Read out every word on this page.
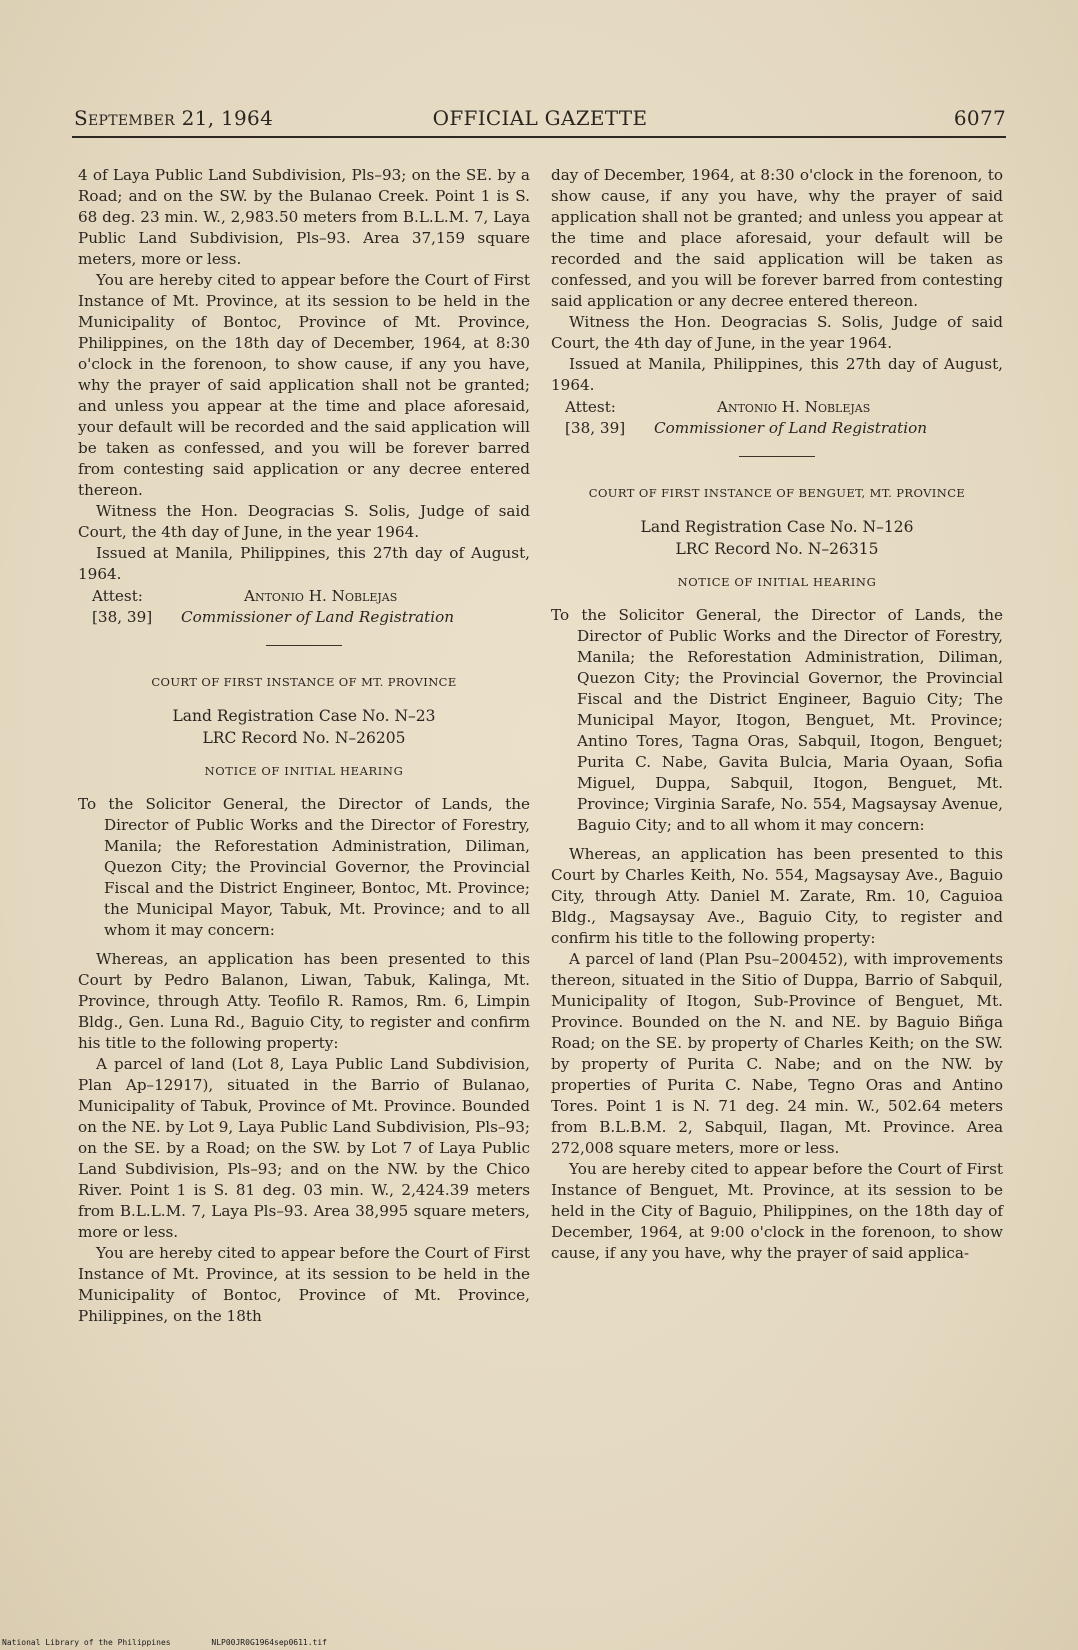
September 21, 1964	OFFICIAL GAZETTE	6077

4 of Laya Public Land Subdivision, Pls–93; on the SE. by a Road; and on the SW. by the Bulanao Creek. Point 1 is S. 68 deg. 23 min. W., 2,983.50 meters from B.L.L.M. 7, Laya Public Land Subdivision, Pls–93. Area 37,159 square meters, more or less.

You are hereby cited to appear before the Court of First Instance of Mt. Province, at its session to be held in the Municipality of Bontoc, Province of Mt. Province, Philippines, on the 18th day of December, 1964, at 8:30 o'clock in the forenoon, to show cause, if any you have, why the prayer of said application shall not be granted; and unless you appear at the time and place aforesaid, your default will be recorded and the said application will be taken as confessed, and you will be forever barred from contesting said application or any decree entered thereon.

Witness the Hon. Deogracias S. Solis, Judge of said Court, the 4th day of June, in the year 1964.

Issued at Manila, Philippines, this 27th day of August, 1964.

Attest:	Antonio H. Noblejas
[38, 39] Commissioner of Land Registration
COURT OF FIRST INSTANCE OF MT. PROVINCE
Land Registration Case No. N–23
LRC Record No. N–26205
NOTICE OF INITIAL HEARING

To the Solicitor General, the Director of Lands, the Director of Public Works and the Director of Forestry, Manila; the Reforestation Administration, Diliman, Quezon City; the Provincial Governor, the Provincial Fiscal and the District Engineer, Bontoc, Mt. Province; the Municipal Mayor, Tabuk, Mt. Province; and to all whom it may concern:

Whereas, an application has been presented to this Court by Pedro Balanon, Liwan, Tabuk, Kalinga, Mt. Province, through Atty. Teofilo R. Ramos, Rm. 6, Limpin Bldg., Gen. Luna Rd., Baguio City, to register and confirm his title to the following property:

A parcel of land (Lot 8, Laya Public Land Subdivision, Plan Ap–12917), situated in the Barrio of Bulanao, Municipality of Tabuk, Province of Mt. Province. Bounded on the NE. by Lot 9, Laya Public Land Subdivision, Pls–93; on the SE. by a Road; on the SW. by Lot 7 of Laya Public Land Subdivision, Pls–93; and on the NW. by the Chico River. Point 1 is S. 81 deg. 03 min. W., 2,424.39 meters from B.L.L.M. 7, Laya Pls–93. Area 38,995 square meters, more or less.

You are hereby cited to appear before the Court of First Instance of Mt. Province, at its session to be held in the Municipality of Bontoc, Province of Mt. Province, Philippines, on the 18th

day of December, 1964, at 8:30 o'clock in the forenoon, to show cause, if any you have, why the prayer of said application shall not be granted; and unless you appear at the time and place aforesaid, your default will be recorded and the said application will be taken as confessed, and you will be forever barred from contesting said application or any decree entered thereon.

Witness the Hon. Deogracias S. Solis, Judge of said Court, the 4th day of June, in the year 1964.

Issued at Manila, Philippines, this 27th day of August, 1964.

Attest:	Antonio H. Noblejas
[38, 39] Commissioner of Land Registration
COURT OF FIRST INSTANCE OF BENGUET, MT. PROVINCE
Land Registration Case No. N–126
LRC Record No. N–26315
NOTICE OF INITIAL HEARING

To the Solicitor General, the Director of Lands, the Director of Public Works and the Director of Forestry, Manila; the Reforestation Administration, Diliman, Quezon City; the Provincial Governor, the Provincial Fiscal and the District Engineer, Baguio City; The Municipal Mayor, Itogon, Benguet, Mt. Province; Antino Tores, Tagna Oras, Sabquil, Itogon, Benguet; Purita C. Nabe, Gavita Bulcia, Maria Oyaan, Sofia Miguel, Duppa, Sabquil, Itogon, Benguet, Mt. Province; Virginia Sarafe, No. 554, Magsaysay Avenue, Baguio City; and to all whom it may concern:

Whereas, an application has been presented to this Court by Charles Keith, No. 554, Magsaysay Ave., Baguio City, through Atty. Daniel M. Zarate, Rm. 10, Caguioa Bldg., Magsaysay Ave., Baguio City, to register and confirm his title to the following property:

A parcel of land (Plan Psu–200452), with improvements thereon, situated in the Sitio of Duppa, Barrio of Sabquil, Municipality of Itogon, Sub-Province of Benguet, Mt. Province. Bounded on the N. and NE. by Baguio Biñga Road; on the SE. by property of Charles Keith; on the SW. by property of Purita C. Nabe; and on the NW. by properties of Purita C. Nabe, Tegno Oras and Antino Tores. Point 1 is N. 71 deg. 24 min. W., 502.64 meters from B.L.B.M. 2, Sabquil, Ilagan, Mt. Province. Area 272,008 square meters, more or less.

You are hereby cited to appear before the Court of First Instance of Benguet, Mt. Province, at its session to be held in the City of Baguio, Philippines, on the 18th day of December, 1964, at 9:00 o'clock in the forenoon, to show cause, if any you have, why the prayer of said applica-

National Library of the Philippines	NLP00JR0G1964sep0611.tif
